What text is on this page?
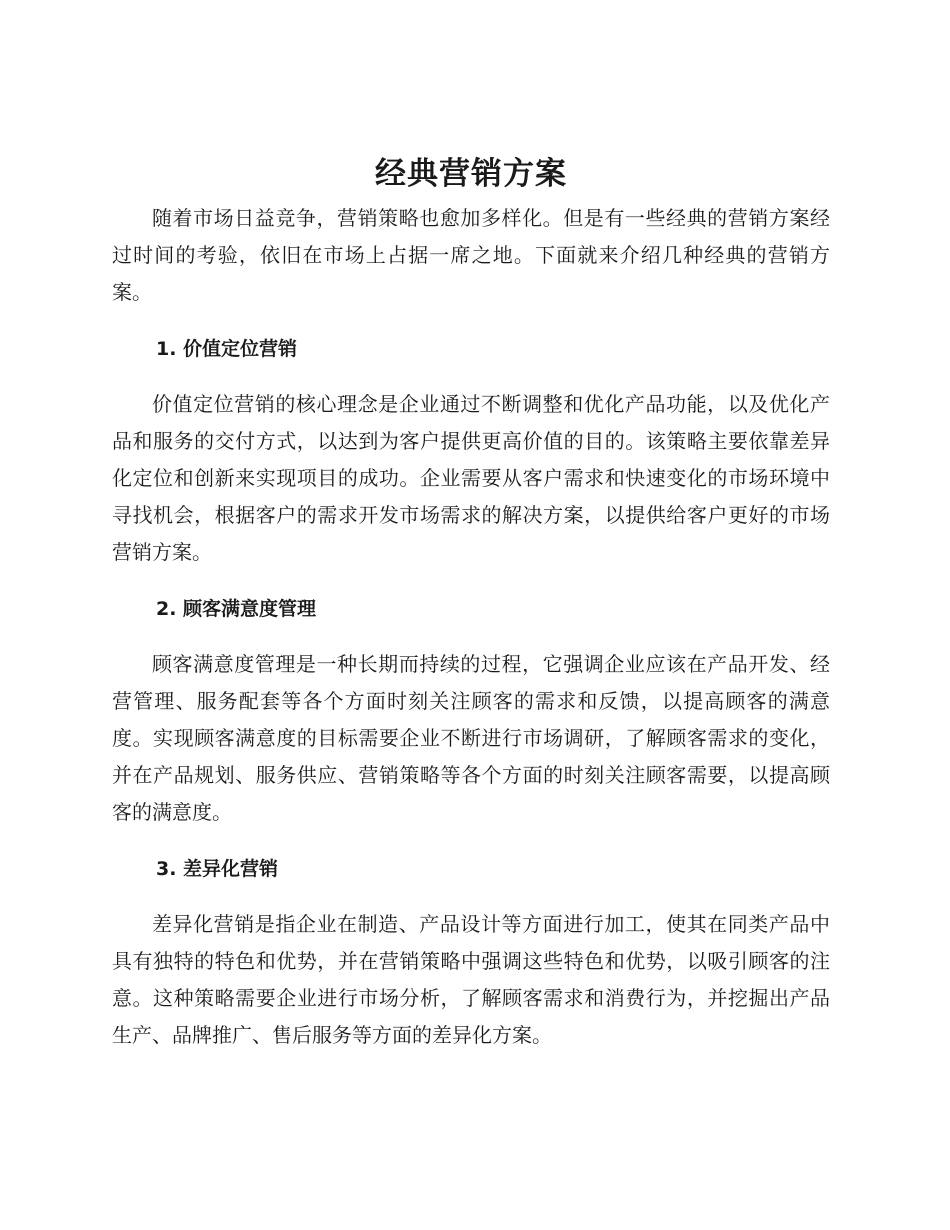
经典营销方案

随着市场日益竞争，营销策略也愈加多样化。但是有一些经典的营销方案经过时间的考验，依旧在市场上占据一席之地。下面就来介绍几种经典的营销方案。

1. 价值定位营销

价值定位营销的核心理念是企业通过不断调整和优化产品功能，以及优化产品和服务的交付方式，以达到为客户提供更高价值的目的。该策略主要依靠差异化定位和创新来实现项目的成功。企业需要从客户需求和快速变化的市场环境中寻找机会，根据客户的需求开发市场需求的解决方案，以提供给客户更好的市场营销方案。

2. 顾客满意度管理

顾客满意度管理是一种长期而持续的过程，它强调企业应该在产品开发、经营管理、服务配套等各个方面时刻关注顾客的需求和反馈，以提高顾客的满意度。实现顾客满意度的目标需要企业不断进行市场调研，了解顾客需求的变化，并在产品规划、服务供应、营销策略等各个方面的时刻关注顾客需要，以提高顾客的满意度。

3. 差异化营销

差异化营销是指企业在制造、产品设计等方面进行加工，使其在同类产品中具有独特的特色和优势，并在营销策略中强调这些特色和优势，以吸引顾客的注意。这种策略需要企业进行市场分析，了解顾客需求和消费行为，并挖掘出产品生产、品牌推广、售后服务等方面的差异化方案。
